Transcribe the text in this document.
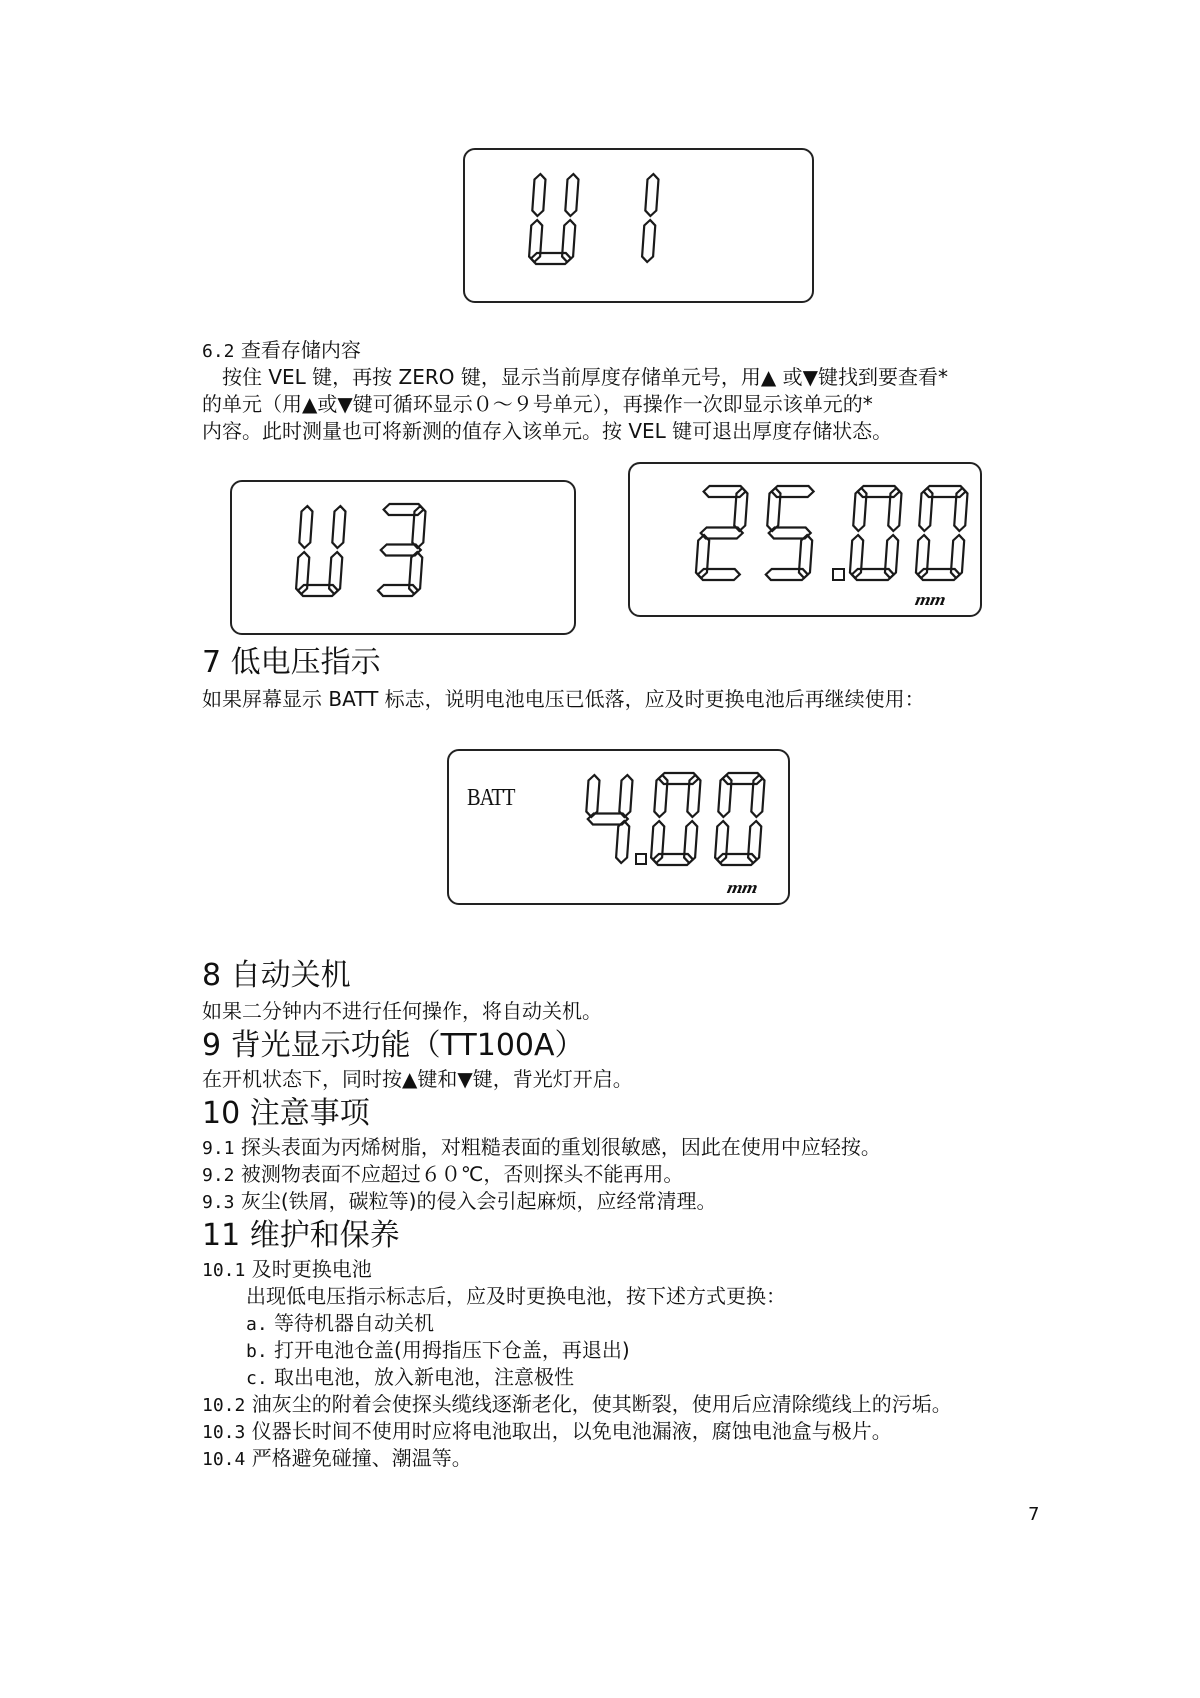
6.2 查看存储内容
按住 VEL 键，再按 ZERO 键，显示当前厚度存储单元号，用▲ 或▼键找到要查看*
的单元（用▲或▼键可循环显示０～９号单元），再操作一次即显示该单元的*
内容。此时测量也可将新测的值存入该单元。按 VEL 键可退出厚度存储状态。
mm
7 低电压指示
如果屏幕显示 BATT 标志，说明电池电压已低落，应及时更换电池后再继续使用：
BATT
mm
8 自动关机
如果二分钟内不进行任何操作，将自动关机。
9 背光显示功能（TT100A）
在开机状态下，同时按▲键和▼键，背光灯开启。
10 注意事项
9.1 探头表面为丙烯树脂，对粗糙表面的重划很敏感，因此在使用中应轻按。
9.2 被测物表面不应超过６０℃，否则探头不能再用。
9.3 灰尘(铁屑，碳粒等)的侵入会引起麻烦，应经常清理。
11 维护和保养
10.1 及时更换电池
出现低电压指示标志后，应及时更换电池，按下述方式更换：
a. 等待机器自动关机
b. 打开电池仓盖(用拇指压下仓盖，再退出)
c. 取出电池，放入新电池，注意极性
10.2 油灰尘的附着会使探头缆线逐渐老化，使其断裂，使用后应清除缆线上的污垢。
10.3 仪器长时间不使用时应将电池取出，以免电池漏液，腐蚀电池盒与极片。
10.4 严格避免碰撞、潮温等。
7
